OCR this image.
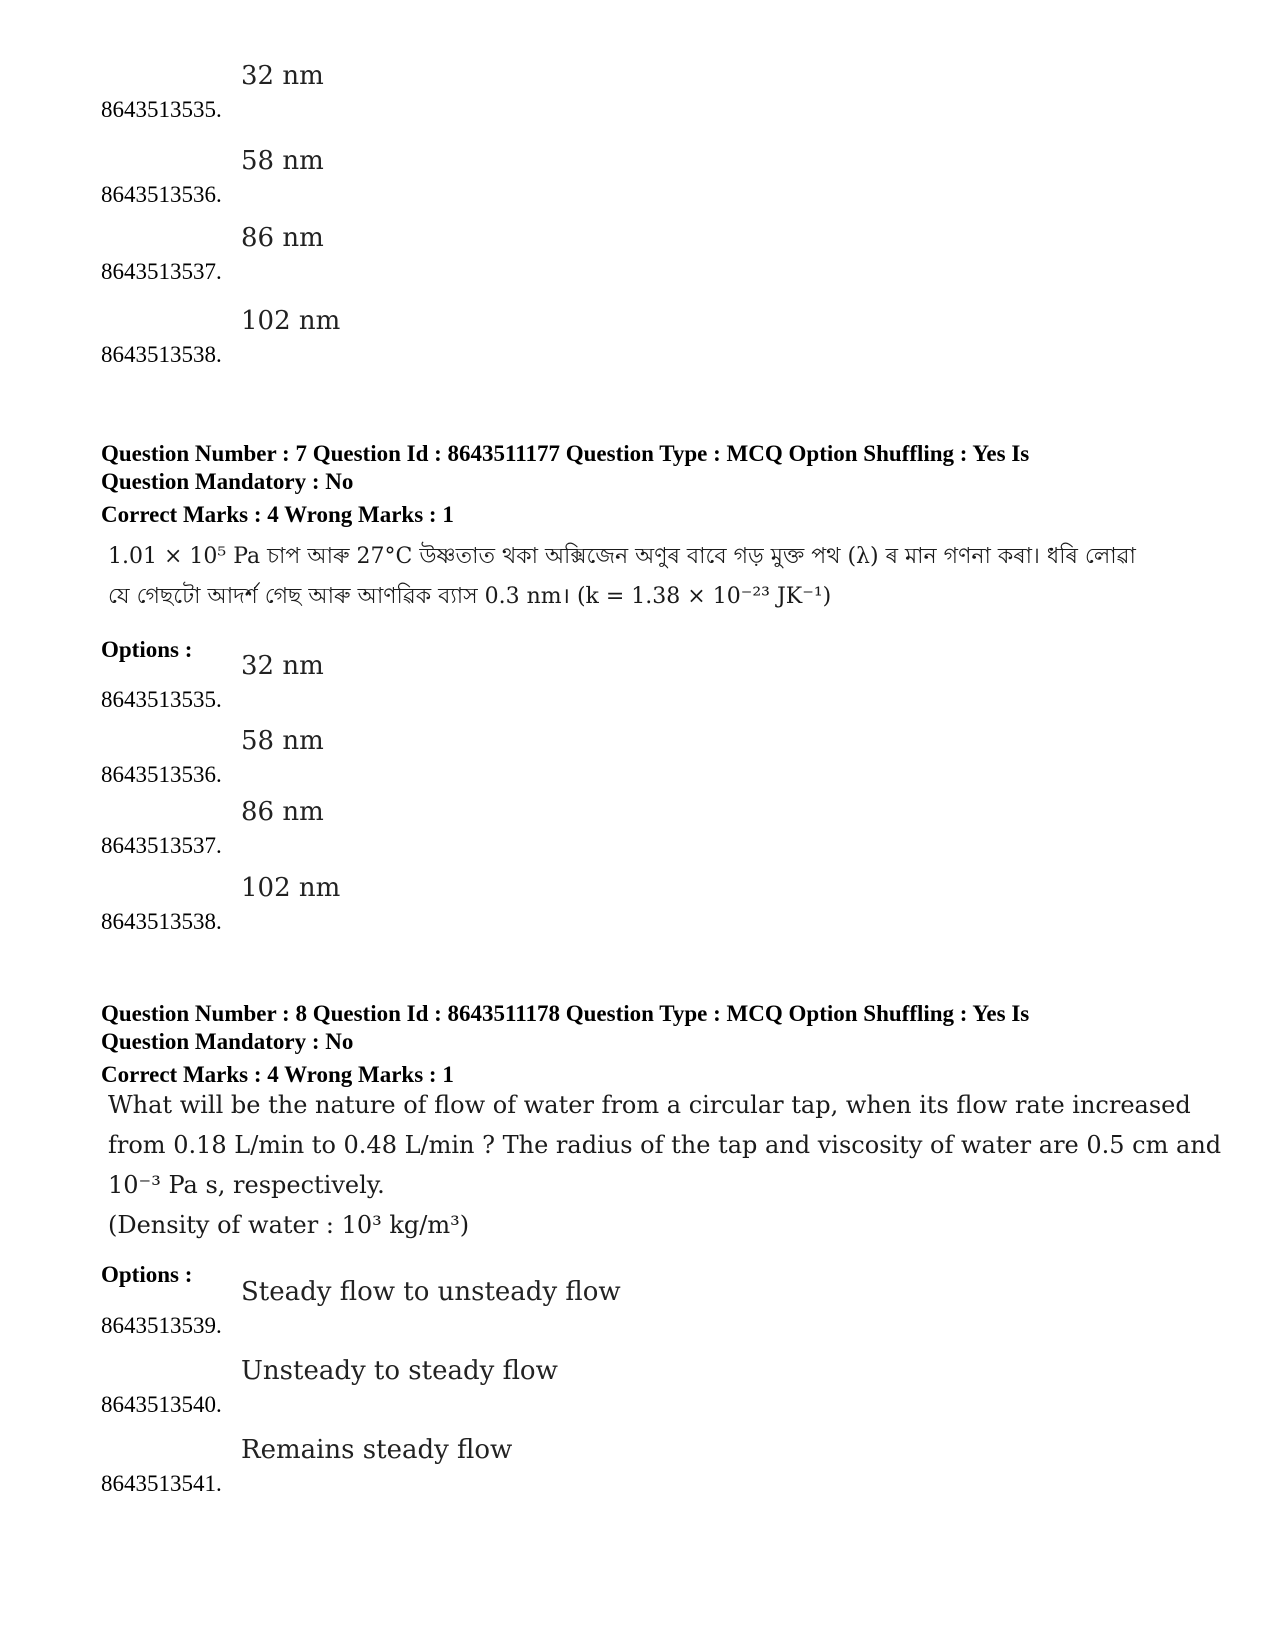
8643513535.
32 nm
8643513536.
58 nm
8643513537.
86 nm
8643513538.
102 nm
Question Number : 7 Question Id : 8643511177 Question Type : MCQ Option Shuffling : Yes Is
Question Mandatory : No
Correct Marks : 4 Wrong Marks : 1
1.01 × 10⁵ Pa চাপ আৰু 27°C উষ্ণতাত থকা অক্সিজেন অণুৰ বাবে গড় মুক্ত পথ (λ) ৰ মান গণনা কৰা। ধৰি লোৱা
যে গেছটো আদৰ্শ গেছ আৰু আণৱিক ব্যাস 0.3 nm। (k = 1.38 × 10⁻²³ JK⁻¹)
Options :
8643513535.
32 nm
8643513536.
58 nm
8643513537.
86 nm
8643513538.
102 nm
Question Number : 8 Question Id : 8643511178 Question Type : MCQ Option Shuffling : Yes Is
Question Mandatory : No
Correct Marks : 4 Wrong Marks : 1
What will be the nature of flow of water from a circular tap, when its flow rate increased
from 0.18 L/min to 0.48 L/min ? The radius of the tap and viscosity of water are 0.5 cm and
10⁻³ Pa s, respectively.
(Density of water : 10³ kg/m³)
Options :
8643513539.
Steady flow to unsteady flow
8643513540.
Unsteady to steady flow
8643513541.
Remains steady flow
